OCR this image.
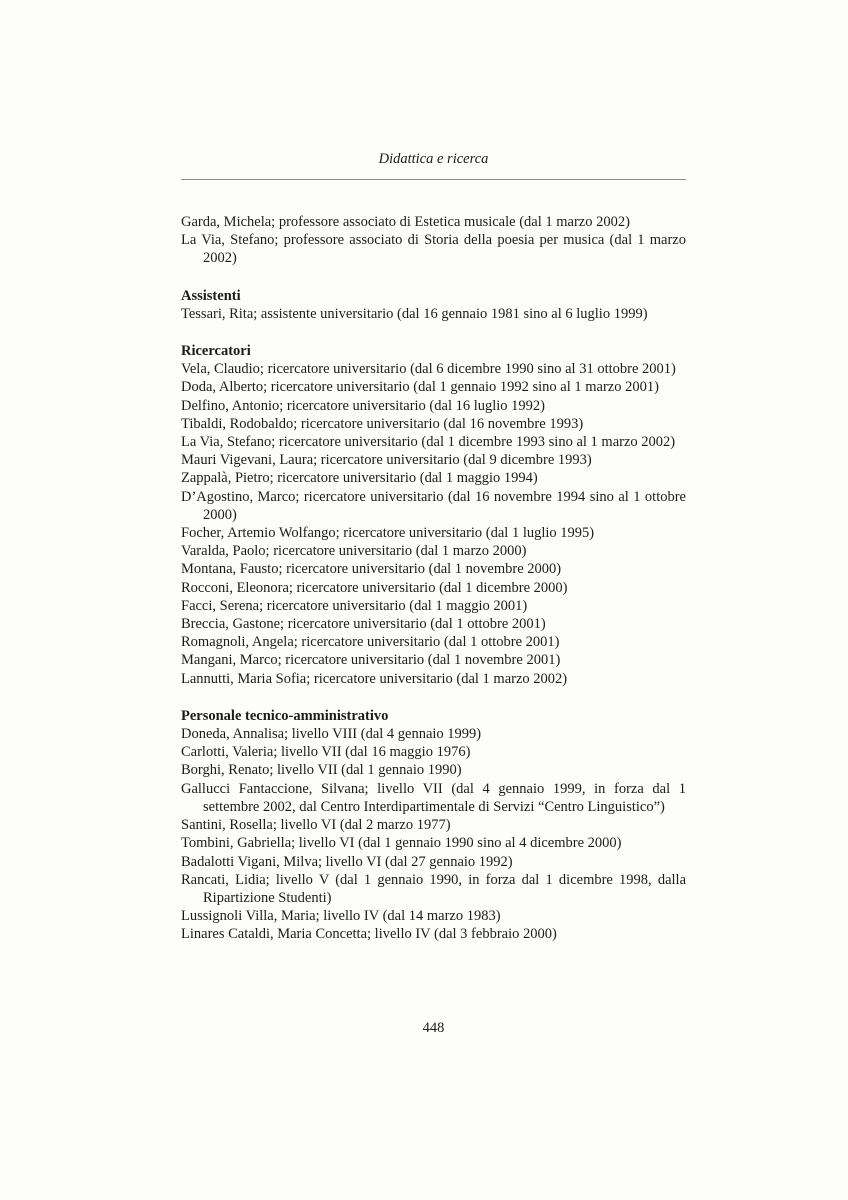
Didattica e ricerca

Garda, Michela; professore associato di Estetica musicale (dal 1 marzo 2002)

La Via, Stefano; professore associato di Storia della poesia per musica (dal 1 marzo 2002)

Assistenti

Tessari, Rita; assistente universitario (dal 16 gennaio 1981 sino al 6 luglio 1999)

Ricercatori

Vela, Claudio; ricercatore universitario (dal 6 dicembre 1990 sino al 31 ottobre 2001)

Doda, Alberto; ricercatore universitario (dal 1 gennaio 1992 sino al 1 marzo 2001)

Delfino, Antonio; ricercatore universitario (dal 16 luglio 1992)

Tibaldi, Rodobaldo; ricercatore universitario (dal 16 novembre 1993)

La Via, Stefano; ricercatore universitario (dal 1 dicembre 1993 sino al 1 marzo 2002)

Mauri Vigevani, Laura; ricercatore universitario (dal 9 dicembre 1993)

Zappalà, Pietro; ricercatore universitario (dal 1 maggio 1994)

D’Agostino, Marco; ricercatore universitario (dal 16 novembre 1994 sino al 1 ottobre 2000)

Focher, Artemio Wolfango; ricercatore universitario (dal 1 luglio 1995)

Varalda, Paolo; ricercatore universitario (dal 1 marzo 2000)

Montana, Fausto; ricercatore universitario (dal 1 novembre 2000)

Rocconi, Eleonora; ricercatore universitario (dal 1 dicembre 2000)

Facci, Serena; ricercatore universitario (dal 1 maggio 2001)

Breccia, Gastone; ricercatore universitario (dal 1 ottobre 2001)

Romagnoli, Angela; ricercatore universitario (dal 1 ottobre 2001)

Mangani, Marco; ricercatore universitario (dal 1 novembre 2001)

Lannutti, Maria Sofia; ricercatore universitario (dal 1 marzo 2002)

Personale tecnico-amministrativo

Doneda, Annalisa; livello VIII (dal 4 gennaio 1999)

Carlotti, Valeria; livello VII (dal 16 maggio 1976)

Borghi, Renato; livello VII (dal 1 gennaio 1990)

Gallucci Fantaccione, Silvana; livello VII (dal 4 gennaio 1999, in forza dal 1 settembre 2002, dal Centro Interdipartimentale di Servizi “Centro Linguistico”)

Santini, Rosella; livello VI (dal 2 marzo 1977)

Tombini, Gabriella; livello VI (dal 1 gennaio 1990 sino al 4 dicembre 2000)

Badalotti Vigani, Milva; livello VI (dal 27 gennaio 1992)

Rancati, Lidia; livello V (dal 1 gennaio 1990, in forza dal 1 dicembre 1998, dalla Ripartizione Studenti)

Lussignoli Villa, Maria; livello IV (dal 14 marzo 1983)

Linares Cataldi, Maria Concetta; livello IV (dal 3 febbraio 2000)

448
